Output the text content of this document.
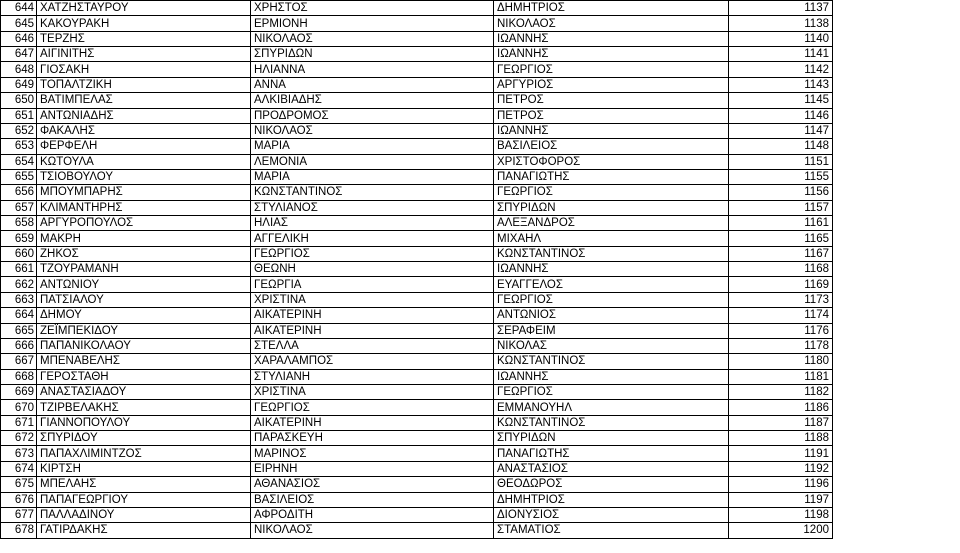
644	ΧΑΤΖΗΣΤΑΥΡΟΥ	ΧΡΗΣΤΟΣ	ΔΗΜΗΤΡΙΟΣ	1137
645	ΚΑΚΟΥΡΑΚΗ	ΕΡΜΙΟΝΗ	ΝΙΚΟΛΑΟΣ	1138
646	ΤΕΡΖΗΣ	ΝΙΚΟΛΑΟΣ	ΙΩΑΝΝΗΣ	1140
647	ΑΙΓΙΝΙΤΗΣ	ΣΠΥΡΙΔΩΝ	ΙΩΑΝΝΗΣ	1141
648	ΓΙΟΣΑΚΗ	ΗΛΙΑΝΝΑ	ΓΕΩΡΓΙΟΣ	1142
649	ΤΟΠΑΛΤΖΙΚΗ	ΑΝΝΑ	ΑΡΓΥΡΙΟΣ	1143
650	ΒΑΤΙΜΠΕΛΑΣ	ΑΛΚΙΒΙΑΔΗΣ	ΠΕΤΡΟΣ	1145
651	ΑΝΤΩΝΙΑΔΗΣ	ΠΡΟΔΡΟΜΟΣ	ΠΕΤΡΟΣ	1146
652	ΦΑΚΑΛΗΣ	ΝΙΚΟΛΑΟΣ	ΙΩΑΝΝΗΣ	1147
653	ΦΕΡΦΕΛΗ	ΜΑΡΙΑ	ΒΑΣΙΛΕΙΟΣ	1148
654	ΚΩΤΟΥΛΑ	ΛΕΜΟΝΙΑ	ΧΡΙΣΤΟΦΟΡΟΣ	1151
655	ΤΣΙΟΒΟΥΛΟΥ	ΜΑΡΙΑ	ΠΑΝΑΓΙΩΤΗΣ	1155
656	ΜΠΟΥΜΠΑΡΗΣ	ΚΩΝΣΤΑΝΤΙΝΟΣ	ΓΕΩΡΓΙΟΣ	1156
657	ΚΛΙΜΑΝΤΗΡΗΣ	ΣΤΥΛΙΑΝΟΣ	ΣΠΥΡΙΔΩΝ	1157
658	ΑΡΓΥΡΟΠΟΥΛΟΣ	ΗΛΙΑΣ	ΑΛΕΞΑΝΔΡΟΣ	1161
659	ΜΑΚΡΗ	ΑΓΓΕΛΙΚΗ	ΜΙΧΑΗΛ	1165
660	ΖΗΚΟΣ	ΓΕΩΡΓΙΟΣ	ΚΩΝΣΤΑΝΤΙΝΟΣ	1167
661	ΤΖΟΥΡΑΜΑΝΗ	ΘΕΩΝΗ	ΙΩΑΝΝΗΣ	1168
662	ΑΝΤΩΝΙΟΥ	ΓΕΩΡΓΙΑ	ΕΥΑΓΓΕΛΟΣ	1169
663	ΠΑΤΣΙΑΛΟΥ	ΧΡΙΣΤΙΝΑ	ΓΕΩΡΓΙΟΣ	1173
664	ΔΗΜΟΥ	ΑΙΚΑΤΕΡΙΝΗ	ΑΝΤΩΝΙΟΣ	1174
665	ΖΕΪΜΠΕΚΙΔΟΥ	ΑΙΚΑΤΕΡΙΝΗ	ΣΕΡΑΦΕΙΜ	1176
666	ΠΑΠΑΝΙΚΟΛΑΟΥ	ΣΤΕΛΛΑ	ΝΙΚΟΛΑΣ	1178
667	ΜΠΕΝΑΒΕΛΗΣ	ΧΑΡΑΛΑΜΠΟΣ	ΚΩΝΣΤΑΝΤΙΝΟΣ	1180
668	ΓΕΡΟΣΤΑΘΗ	ΣΤΥΛΙΑΝΗ	ΙΩΑΝΝΗΣ	1181
669	ΑΝΑΣΤΑΣΙΑΔΟΥ	ΧΡΙΣΤΙΝΑ	ΓΕΩΡΓΙΟΣ	1182
670	ΤΖΙΡΒΕΛΑΚΗΣ	ΓΕΩΡΓΙΟΣ	ΕΜΜΑΝΟΥΗΛ	1186
671	ΓΙΑΝΝΟΠΟΥΛΟΥ	ΑΙΚΑΤΕΡΙΝΗ	ΚΩΝΣΤΑΝΤΙΝΟΣ	1187
672	ΣΠΥΡΙΔΟΥ	ΠΑΡΑΣΚΕΥΗ	ΣΠΥΡΙΔΩΝ	1188
673	ΠΑΠΑΧΛΙΜΙΝΤΖΟΣ	ΜΑΡΙΝΟΣ	ΠΑΝΑΓΙΩΤΗΣ	1191
674	ΚΙΡΤΣΗ	ΕΙΡΗΝΗ	ΑΝΑΣΤΑΣΙΟΣ	1192
675	ΜΠΕΛΑΗΣ	ΑΘΑΝΑΣΙΟΣ	ΘΕΟΔΩΡΟΣ	1196
676	ΠΑΠΑΓΕΩΡΓΙΟΥ	ΒΑΣΙΛΕΙΟΣ	ΔΗΜΗΤΡΙΟΣ	1197
677	ΠΑΛΛΑΔΙΝΟΥ	ΑΦΡΟΔΙΤΗ	ΔΙΟΝΥΣΙΟΣ	1198
678	ΓΑΤΙΡΔΑΚΗΣ	ΝΙΚΟΛΑΟΣ	ΣΤΑΜΑΤΙΟΣ	1200
